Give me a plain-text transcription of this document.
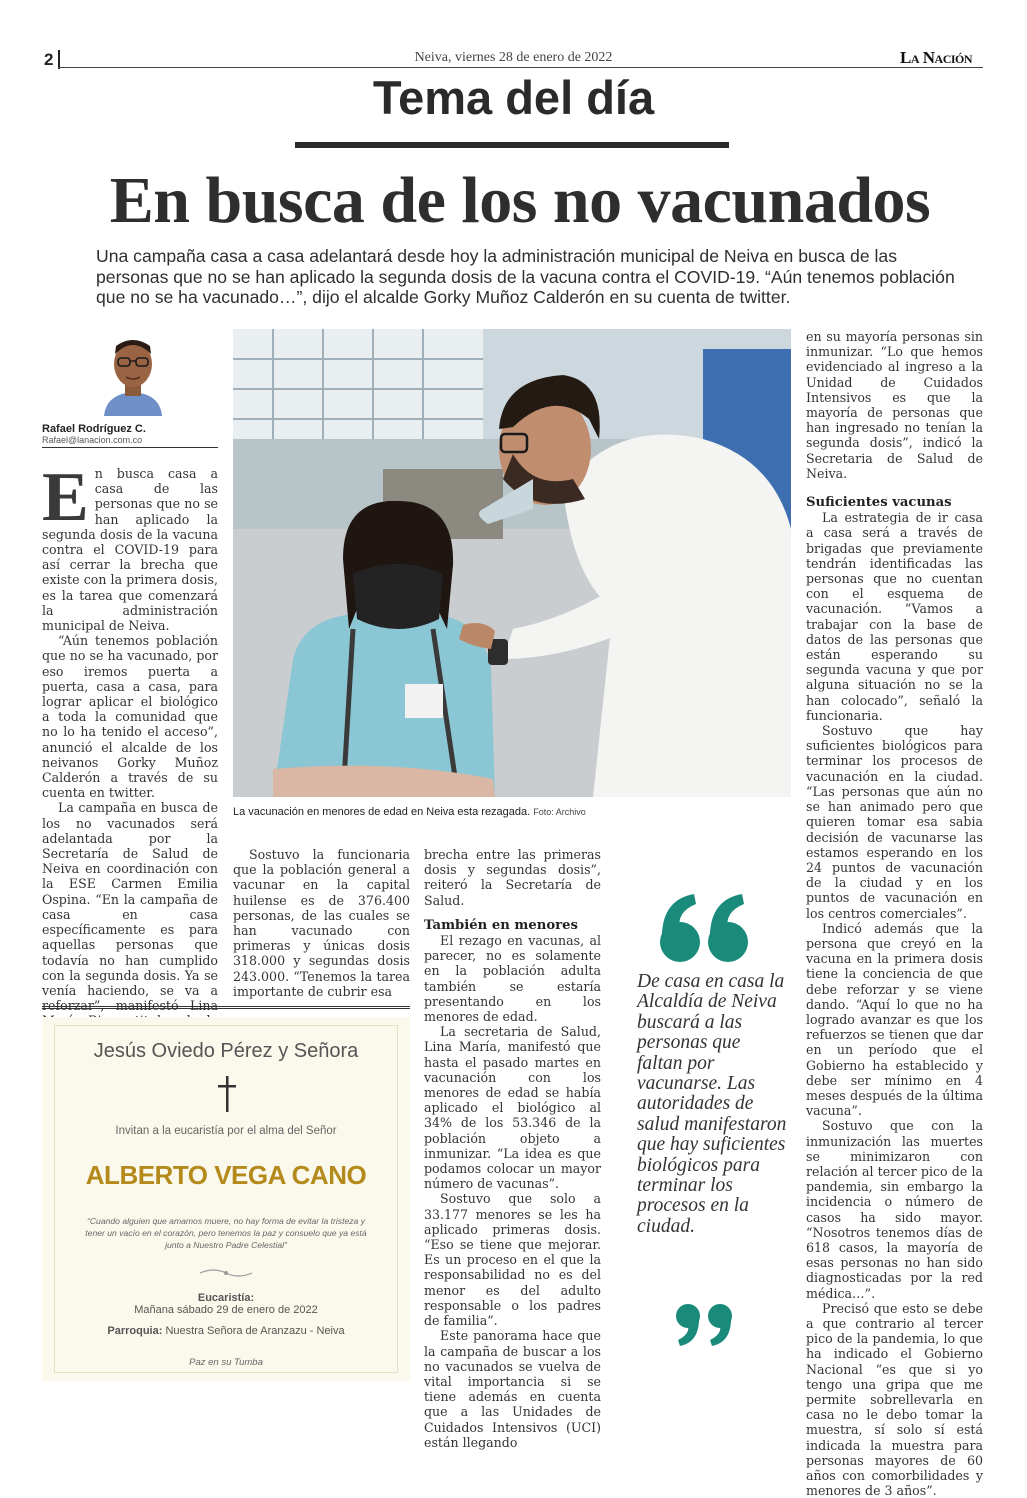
2	Neiva, viernes 28 de enero de 2022	La Nación
Tema del día
En busca de los no vacunados
Una campaña casa a casa adelantará desde hoy la administración municipal de Neiva en busca de las personas que no se han aplicado la segunda dosis de la vacuna contra el COVID-19. “Aún tenemos población que no se ha vacunado…”, dijo el alcalde Gorky Muñoz Calderón en su cuenta de twitter.
Rafael Rodríguez C.
Rafael@lanacion.com.co

En busca casa a casa de las personas que no se han aplicado la segunda dosis de la vacuna contra el COVID-19 para así cerrar la brecha que existe con la primera dosis, es la tarea que comenzará la administración municipal de Neiva.

“Aún tenemos población que no se ha vacunado, por eso iremos puerta a puerta, casa a casa, para lograr aplicar el biológico a toda la comunidad que no lo ha tenido el acceso”, anunció el alcalde de los neivanos Gorky Muñoz Calderón a través de su cuenta en twitter.

La campaña en busca de los no vacunados será adelantada por la Secretaría de Salud de Neiva en coordinación con la ESE Carmen Emilia Ospina. “En la campaña de casa en casa específicamente es para aquellas personas que todavía no han cumplido con la segunda dosis. Ya se venía haciendo, se va a reforzar”, manifestó Lina

La vacunación en menores de edad en Neiva esta rezagada. Foto: Archivo

Sostuvo la funcionaria que la población general a vacunar en la capital huilense es de 376.400 personas, de las cuales se han vacunado con primeras y únicas dosis 318.000 y segundas dosis 243.000. “Tenemos la tarea importante de cubrir esa

brecha entre las primeras dosis y segundas dosis”, reiteró la Secretaría de Salud.

También en menores

El rezago en vacunas, al parecer, no es solamente en la población adulta también se estaría presentando en los menores de edad.

La secretaria de Salud, Lina María, manifestó que hasta el pasado martes en vacunación con los menores de edad se había aplicado el biológico al 34% de los 53.346 de la población objeto a inmunizar. “La idea es que podamos colocar un mayor número de vacunas”.

Sostuvo que solo a 33.177 menores se les ha aplicado primeras dosis. “Eso se tiene que mejorar. Es un proceso en el que la responsabilidad no es del menor es del adulto responsable o los padres de familia”.

Este panorama hace que la campaña de buscar a los no vacunados se vuelva de vital importancia si se tiene además en cuenta que a las Unidades de Cuidados Intensivos (UCI) están llegando

De casa en casa la Alcaldía de Neiva buscará a las personas que faltan por vacunarse. Las autoridades de salud manifestaron que hay suficientes biológicos para terminar los procesos en la ciudad.

en su mayoría personas sin inmunizar. “Lo que hemos evidenciado al ingreso a la Unidad de Cuidados Intensivos es que la mayoría de personas que han ingresado no tenían la segunda dosis”, indicó la Secretaria de Salud de Neiva.

Suficientes vacunas

La estrategia de ir casa a casa será a través de brigadas que previamente tendrán identificadas las personas que no cuentan con el esquema de vacunación. “Vamos a trabajar con la base de datos de las personas que están esperando su segunda vacuna y que por alguna situación no se la han colocado”, señaló la funcionaria.

Sostuvo que hay suficientes biológicos para terminar los procesos de vacunación en la ciudad. “Las personas que aún no se han animado pero que quieren tomar esa sabia decisión de vacunarse las estamos esperando en los 24 puntos de vacunación de la ciudad y en los puntos de vacunación en los centros comerciales”.

Indicó además que la persona que creyó en la vacuna en la primera dosis tiene la conciencia de que debe reforzar y se viene dando. “Aquí lo que no ha logrado avanzar es que los refuerzos se tienen que dar en un período que el Gobierno ha establecido y debe ser mínimo en 4 meses después de la última vacuna”.

Sostuvo que con la inmunización las muertes se minimizaron con relación al tercer pico de la pandemia, sin embargo la incidencia o número de casos ha sido mayor. “Nosotros tenemos días de 618 casos, la mayoría de esas personas no han sido diagnosticadas por la red médica…”.

Precisó que esto se debe a que contrario al tercer pico de la pandemia, lo que ha indicado el Gobierno Nacional “es que si yo tengo una gripa que me permite sobrellevarla en casa no le debo tomar la muestra, sí solo sí está indicada la muestra para personas mayores de 60 años con comorbilidades y menores de 3 años”.

Jesús Oviedo Pérez y Señora
Invitan a la eucaristía por el alma del Señor
ALBERTO VEGA CANO
“Cuando alguien que amamos muere, no hay forma de evitar la tristeza y tener un vacío en el corazón, pero tenemos la paz y consuelo que ya está junto a Nuestro Padre Celestial”
Eucaristía:
Mañana sábado 29 de enero de 2022
Parroquia: Nuestra Señora de Aranzazu - Neiva
Paz en su Tumba
